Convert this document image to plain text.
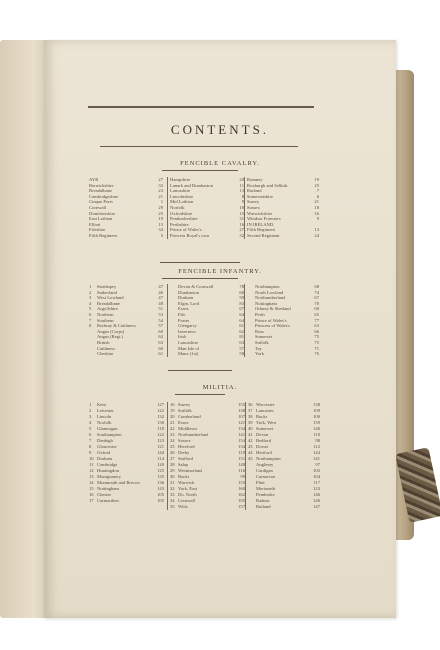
CONTENTS.
FENCIBLE CAVALRY.
AYR	27
Berwickshire	33
Breadalbane	23
Cambridgeshire	21
Cinque Ports	1
Cornwall	29
Dumfriesshire	25
East Lothian	19
Elliott	15
Fifeshire	34
Fifth Regiment	5
Hampshire	20
Lanark and Dumbarton	11
Lancashire	13
Lincolnshire	8
Mid Lothian	9
Norfolk	18
Oxfordshire	15
Pembrokeshire	31
Perthshire	16
Prince of Wales's	27
Princess Royal's own	32
Romney	19
Roxburgh and Selkirk	25
Rutland	7
Somersetshire	6
Surrey	21
Sussex	18
Warwickshire	16
Windsor Foresters	9
IN IRELAND.
Fifth Regiment	13
Second Regiment	24
FENCIBLE INFANTRY.
1 Strathspey	47
2 Sutherland	46
3 West Lowland	47
4 Breadalbane	48
5 Argyllshire	51
6 Northern	53
7 Southern	54
8 Rothsay & Caithness	57
Angus (Corps)	60
Angus (Regt.)	62
British	63
Caithness	60
Cheshire	61
Devon & Cornwall	78
Dumbarton	60
Durham	59
Elgin, Lord	83
Essex	67
Fife	64
Fraser	64
Glengarry	61
Inverness	62
Irish	81
Lancashire	63
Man Isle of	57
Manx (1st)	58
Northampton	68
North Lowland	74
Northumberland	67
Nottingham	70
Orkney & Shetland	60
Perth	65
Prince of Wales's	77
Princess of Wales's	63
Ross	66
Somerset	75
Suffolk	75
Tay	71
York	76
MILITIA.
1 Kent	127
2 Leicester	122
3 Lincoln	132
4 Norfolk	130
5 Glamorgan	118
6 Southampton	122
7 Denbigh	123
8 Gloucester	121
9 Oxford	144
10 Durham	114
11 Cambridge	120
12 Huntingdon	125
13 Montgomery	135
14 Monmouth and Brecon	136
15 Nottingham	143
16 Chester	105
17 Carmarthen	105
16 Surrey	155
19 Suffolk	138
20 Cumberland	107
21 Essex	121
22 Middlesex	134
23 Northumberland	141
24 Sussex	154
25 Hereford	134
26 Derby	110
27 Stafford	151
28 Salop	148
29 Westmorland	116
30 Bucks	99
31 Warwick	155
32 York, East	160
33 Do. North	162
34 Cornwall	105
35 Wilts	157
36 Worcester	138
37 Lancaster	109
38 Bucks	100
39 York, West	159
40 Somerset	140
41 Devon	110
42 Bedford	98
43 Dorset	112
44 Hertford	124
45 Northampton	141
Anglesey	97
Cardigan	102
Carnarvon	104
Flint	117
Merioneth	123
Pembroke	146
Radnor	146
Rutland	147
